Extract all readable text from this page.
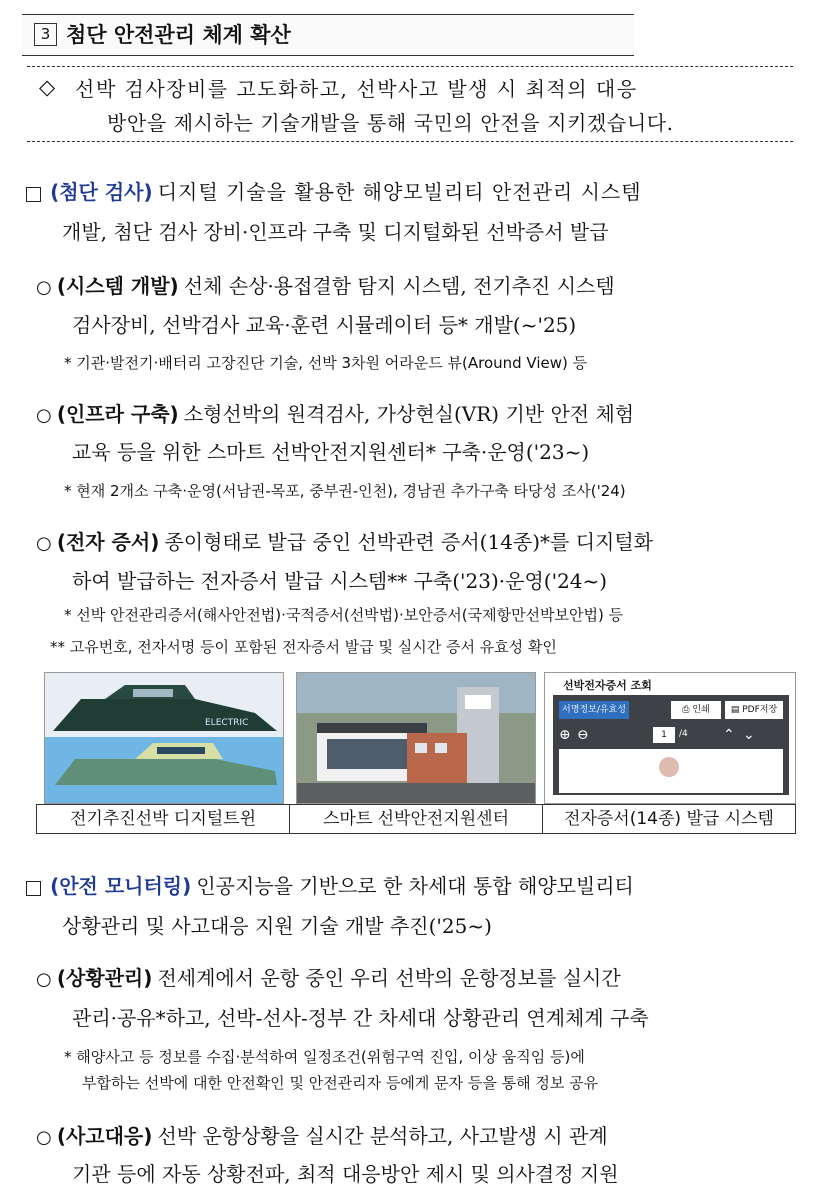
3 첨단 안전관리 체계 확산
◇ 선박 검사장비를 고도화하고, 선박사고 발생 시 최적의 대응
방안을 제시하는 기술개발을 통해 국민의 안전을 지키겠습니다.
(첨단 검사) 디지털 기술을 활용한 해양모빌리티 안전관리 시스템
개발, 첨단 검사 장비·인프라 구축 및 디지털화된 선박증서 발급
○ (시스템 개발) 선체 손상·용접결함 탐지 시스템, 전기추진 시스템
검사장비, 선박검사 교육·훈련 시뮬레이터 등* 개발(~'25)
* 기관·발전기·배터리 고장진단 기술, 선박 3차원 어라운드 뷰(Around View) 등
○ (인프라 구축) 소형선박의 원격검사, 가상현실(VR) 기반 안전 체험
교육 등을 위한 스마트 선박안전지원센터* 구축·운영('23~)
* 현재 2개소 구축·운영(서남권-목포, 중부권-인천), 경남권 추가구축 타당성 조사('24)
○ (전자 증서) 종이형태로 발급 중인 선박관련 증서(14종)*를 디지털화
하여 발급하는 전자증서 발급 시스템** 구축('23)·운영('24~)
* 선박 안전관리증서(해사안전법)·국적증서(선박법)·보안증서(국제항만선박보안법) 등
** 고유번호, 전자서명 등이 포함된 전자증서 발급 및 실시간 증서 유효성 확인
ELECTRIC
선박전자증서 조회
서명정보/유효성	⎙ 인쇄	▤ PDF저장
⊕ ⊖	1	/4	⌃ ⌄
전기추진선박 디지털트윈	스마트 선박안전지원센터	전자증서(14종) 발급 시스템
(안전 모니터링) 인공지능을 기반으로 한 차세대 통합 해양모빌리티
상황관리 및 사고대응 지원 기술 개발 추진('25~)
○ (상황관리) 전세계에서 운항 중인 우리 선박의 운항정보를 실시간
관리·공유*하고, 선박-선사-정부 간 차세대 상황관리 연계체계 구축
* 해양사고 등 정보를 수집·분석하여 일정조건(위험구역 진입, 이상 움직임 등)에
부합하는 선박에 대한 안전확인 및 안전관리자 등에게 문자 등을 통해 정보 공유
○ (사고대응) 선박 운항상황을 실시간 분석하고, 사고발생 시 관계
기관 등에 자동 상황전파, 최적 대응방안 제시 및 의사결정 지원
